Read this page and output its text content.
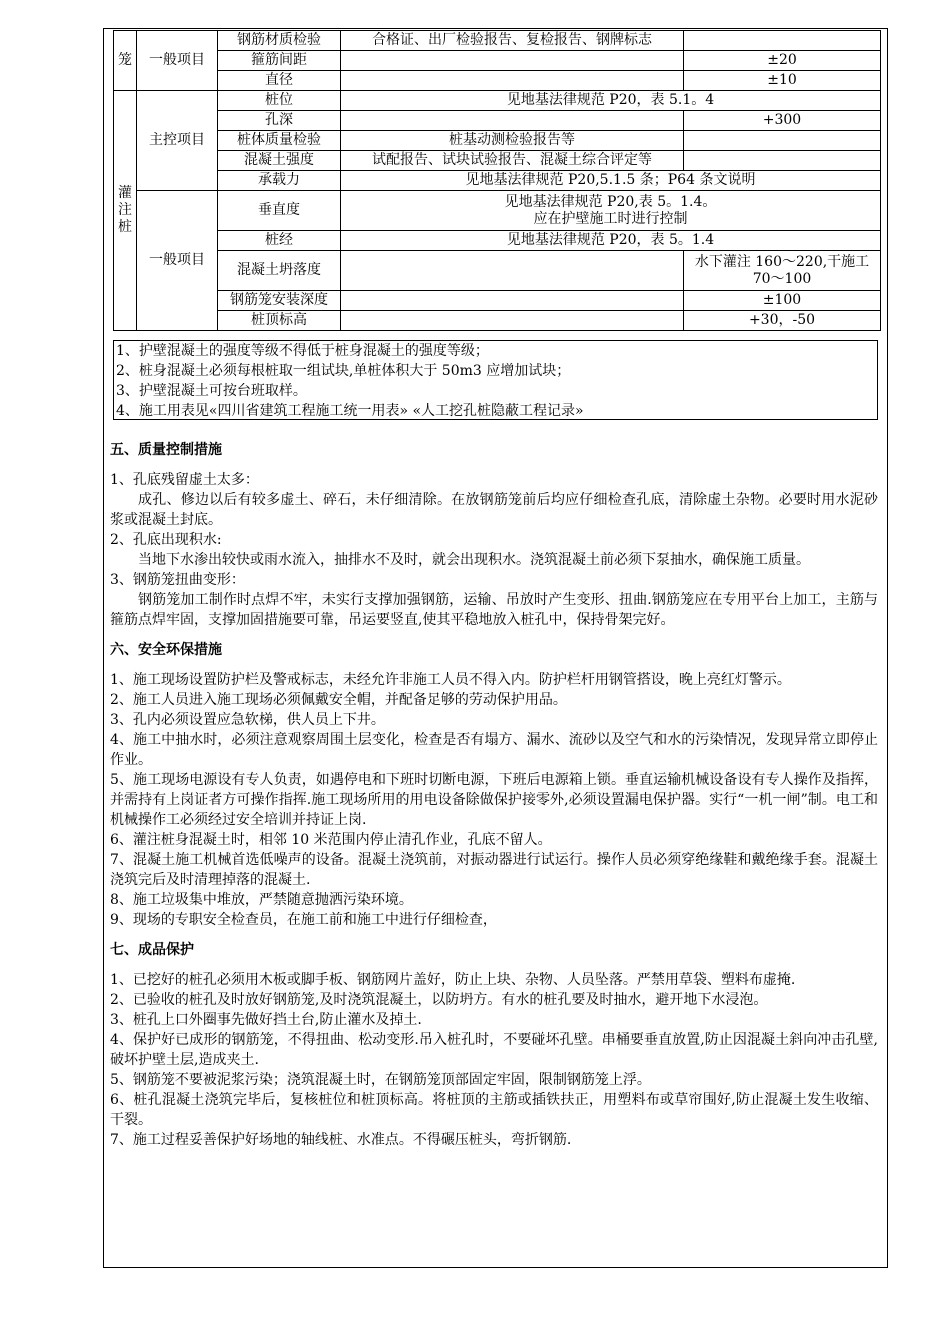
笼	一般项目	钢筋材质检验	合格证、出厂检验报告、复检报告、钢牌标志	
		箍筋间距		±20
		直径		±10
灌注桩	主控项目	桩位	见地基法律规范 P20，表 5.1。4	
		孔深		+300
		桩体质量检验	桩基动测检验报告等	
		混凝土强度	试配报告、试块试验报告、混凝土综合评定等	
		承载力	见地基法律规范 P20,5.1.5 条；P64 条文说明	
	一般项目	垂直度	见地基法律规范 P20,表 5。1.4。
应在护壁施工时进行控制	

		桩经	见地基法律规范 P20，表 5。1.4	
		混凝土坍落度		水下灌注 160～220,干施工
70～100

		钢筋笼安装深度		±100
		桩顶标高		+30，-50
1、护壁混凝土的强度等级不得低于桩身混凝土的强度等级；
2、桩身混凝土必须每根桩取一组试块,单桩体积大于 50m3 应增加试块；
3、护壁混凝土可按台班取样。
4、施工用表见«四川省建筑工程施工统一用表» «人工挖孔桩隐蔽工程记录»
五、质量控制措施

1、孔底残留虚土太多：

成孔、修边以后有较多虚土、碎石，未仔细清除。在放钢筋笼前后均应仔细检查孔底，清除虚土杂物。必要时用水泥砂浆或混凝土封底。

2、孔底出现积水:

当地下水渗出较快或雨水流入，抽排水不及时，就会出现积水。浇筑混凝土前必须下泵抽水，确保施工质量。

3、钢筋笼扭曲变形：

钢筋笼加工制作时点焊不牢，未实行支撑加强钢筋，运输、吊放时产生变形、扭曲.钢筋笼应在专用平台上加工，主筋与箍筋点焊牢固，支撑加固措施要可靠，吊运要竖直,使其平稳地放入桩孔中，保持骨架完好。

六、安全环保措施

1、施工现场设置防护栏及警戒标志，未经允许非施工人员不得入内。防护栏杆用钢管搭设，晚上亮红灯警示。

2、施工人员进入施工现场必须佩戴安全帽，并配备足够的劳动保护用品。

3、孔内必须设置应急软梯，供人员上下井。

4、施工中抽水时，必须注意观察周围土层变化，检查是否有塌方、漏水、流砂以及空气和水的污染情况，发现异常立即停止作业。

5、施工现场电源设有专人负责，如遇停电和下班时切断电源，下班后电源箱上锁。垂直运输机械设备设有专人操作及指挥，并需持有上岗证者方可操作指挥.施工现场所用的用电设备除做保护接零外,必须设置漏电保护器。实行“一机一闸”制。电工和机械操作工必须经过安全培训并持证上岗.

6、灌注桩身混凝土时，相邻 10 米范围内停止清孔作业，孔底不留人。

7、混凝土施工机械首选低噪声的设备。混凝土浇筑前，对振动器进行试运行。操作人员必须穿绝缘鞋和戴绝缘手套。混凝土浇筑完后及时清理掉落的混凝土.

8、施工垃圾集中堆放，严禁随意抛洒污染环境。

9、现场的专职安全检查员，在施工前和施工中进行仔细检查，

七、成品保护

1、已挖好的桩孔必须用木板或脚手板、钢筋网片盖好，防止上块、杂物、人员坠落。严禁用草袋、塑料布虚掩.

2、已验收的桩孔及时放好钢筋笼,及时浇筑混凝土，以防坍方。有水的桩孔要及时抽水，避开地下水浸泡。

3、桩孔上口外圈事先做好挡土台,防止灌水及掉土.

4、保护好已成形的钢筋笼，不得扭曲、松动变形.吊入桩孔时，不要碰坏孔壁。串桶要垂直放置,防止因混凝土斜向冲击孔壁,破坏护壁土层,造成夹土.

5、钢筋笼不要被泥浆污染；浇筑混凝土时，在钢筋笼顶部固定牢固，限制钢筋笼上浮。

6、桩孔混凝土浇筑完毕后，复核桩位和桩顶标高。将桩顶的主筋或插铁扶正，用塑料布或草帘围好,防止混凝土发生收缩、干裂。

7、施工过程妥善保护好场地的轴线桩、水准点。不得碾压桩头，弯折钢筋.
